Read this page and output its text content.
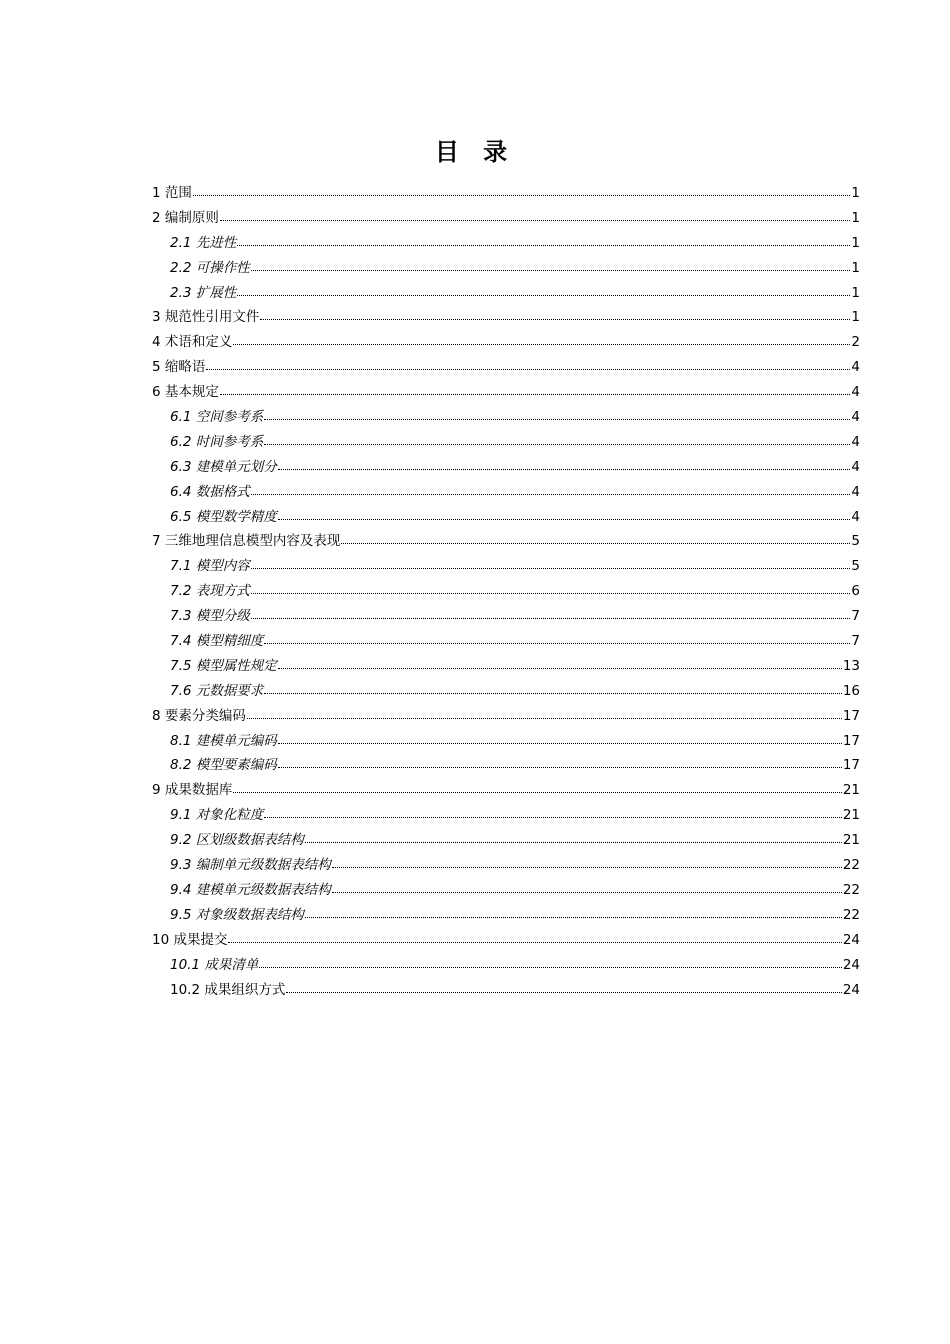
目 录
1 范围	1
2 编制原则	1
2.1 先进性	1
2.2 可操作性	1
2.3 扩展性	1
3 规范性引用文件	1
4 术语和定义	2
5 缩略语	4
6 基本规定	4
6.1 空间参考系	4
6.2 时间参考系	4
6.3 建模单元划分	4
6.4 数据格式	4
6.5 模型数学精度	4
7 三维地理信息模型内容及表现	5
7.1 模型内容	5
7.2 表现方式	6
7.3 模型分级	7
7.4 模型精细度	7
7.5 模型属性规定	13
7.6 元数据要求	16
8 要素分类编码	17
8.1 建模单元编码	17
8.2 模型要素编码	17
9 成果数据库	21
9.1 对象化粒度	21
9.2 区划级数据表结构	21
9.3 编制单元级数据表结构	22
9.4 建模单元级数据表结构	22
9.5 对象级数据表结构	22
10 成果提交	24
10.1 成果清单	24
10.2 成果组织方式	24
